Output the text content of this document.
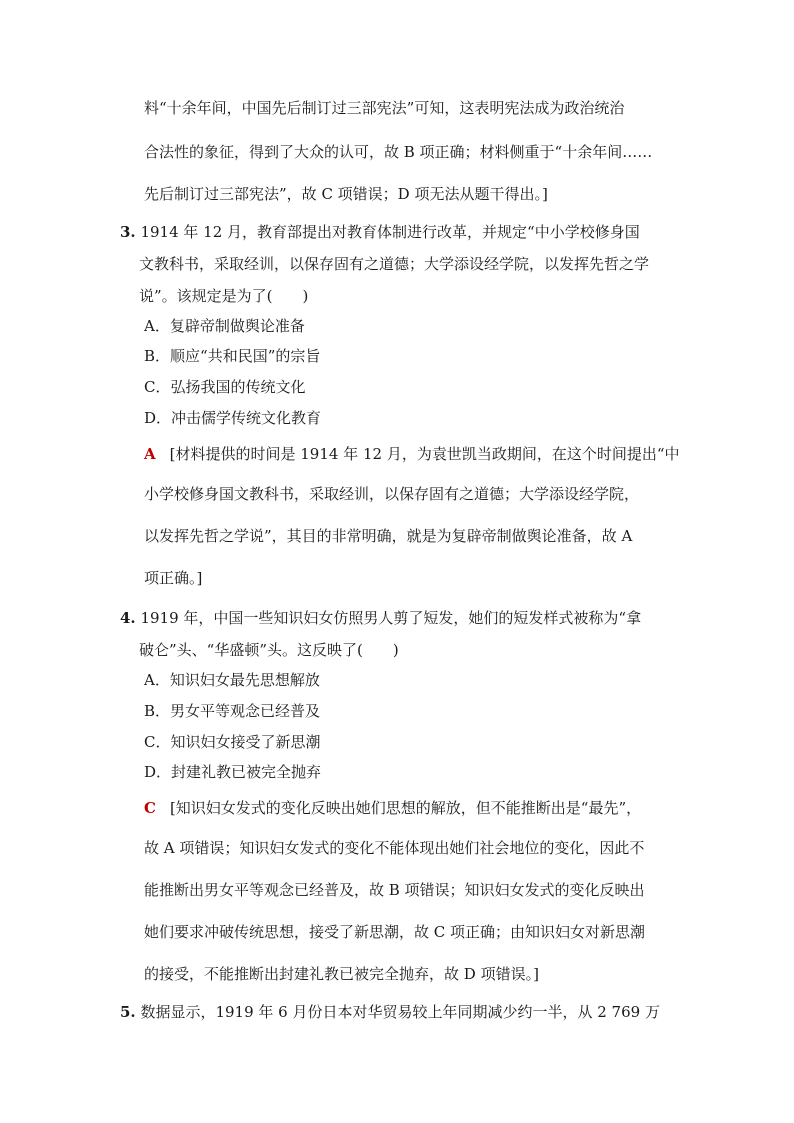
料“十余年间，中国先后制订过三部宪法”可知，这表明宪法成为政治统治
合法性的象征，得到了大众的认可，故 B 项正确；材料侧重于“十余年间……
先后制订过三部宪法”，故 C 项错误；D 项无法从题干得出。]
3. 1914 年 12 月，教育部提出对教育体制进行改革，并规定“中小学校修身国
文教科书，采取经训，以保存固有之道德；大学添设经学院，以发挥先哲之学
说”。该规定是为了(　　)
A．复辟帝制做舆论准备
B．顺应“共和民国”的宗旨
C．弘扬我国的传统文化
D．冲击儒学传统文化教育
A [材料提供的时间是 1914 年 12 月，为袁世凯当政期间，在这个时间提出“中
小学校修身国文教科书，采取经训，以保存固有之道德；大学添设经学院，
以发挥先哲之学说”，其目的非常明确，就是为复辟帝制做舆论准备，故 A
项正确。]
4. 1919 年，中国一些知识妇女仿照男人剪了短发，她们的短发样式被称为“拿
破仑”头、“华盛顿”头。这反映了(　　)
A．知识妇女最先思想解放
B．男女平等观念已经普及
C．知识妇女接受了新思潮
D．封建礼教已被完全抛弃
C [知识妇女发式的变化反映出她们思想的解放，但不能推断出是“最先”，
故 A 项错误；知识妇女发式的变化不能体现出她们社会地位的变化，因此不
能推断出男女平等观念已经普及，故 B 项错误；知识妇女发式的变化反映出
她们要求冲破传统思想，接受了新思潮，故 C 项正确；由知识妇女对新思潮
的接受，不能推断出封建礼教已被完全抛弃，故 D 项错误。]
5. 数据显示，1919 年 6 月份日本对华贸易较上年同期减少约一半，从 2 769 万
